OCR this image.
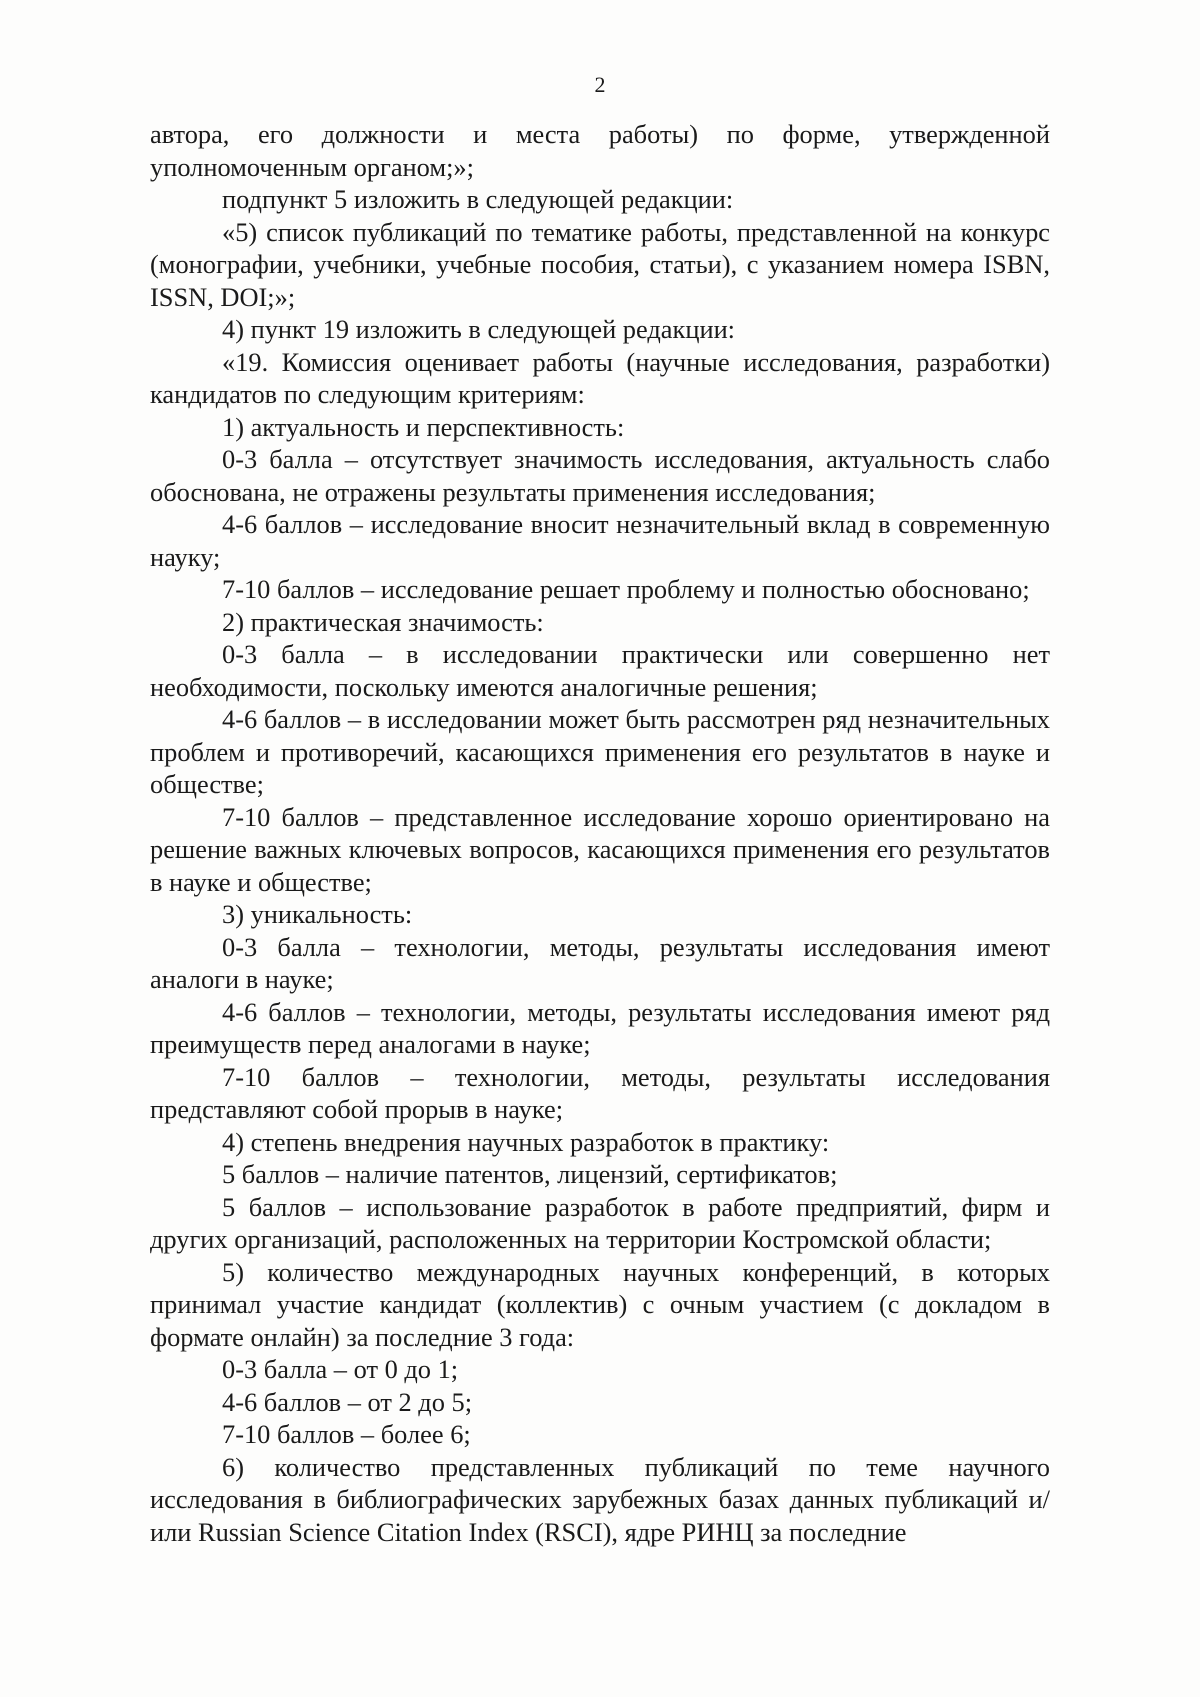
2

автора, его должности и места работы) по форме, утвержденной уполномоченным органом;»;

подпункт 5 изложить в следующей редакции:

«5) список публикаций по тематике работы, представленной на конкурс (монографии, учебники, учебные пособия, статьи), с указанием номера ISBN, ISSN, DOI;»;

4) пункт 19 изложить в следующей редакции:

«19. Комиссия оценивает работы (научные исследования, разработки) кандидатов по следующим критериям:

1) актуальность и перспективность:

0-3 балла – отсутствует значимость исследования, актуальность слабо обоснована, не отражены результаты применения исследования;

4-6 баллов – исследование вносит незначительный вклад в современную науку;

7-10 баллов – исследование решает проблему и полностью обосновано;

2) практическая значимость:

0-3 балла – в исследовании практически или совершенно нет необходимости, поскольку имеются аналогичные решения;

4-6 баллов – в исследовании может быть рассмотрен ряд незначительных проблем и противоречий, касающихся применения его результатов в науке и обществе;

7-10 баллов – представленное исследование хорошо ориентировано на решение важных ключевых вопросов, касающихся применения его результатов в науке и обществе;

3) уникальность:

0-3 балла – технологии, методы, результаты исследования имеют аналоги в науке;

4-6 баллов – технологии, методы, результаты исследования имеют ряд преимуществ перед аналогами в науке;

7-10 баллов – технологии, методы, результаты исследования представляют собой прорыв в науке;

4) степень внедрения научных разработок в практику:

5 баллов – наличие патентов, лицензий, сертификатов;

5 баллов – использование разработок в работе предприятий, фирм и других организаций, расположенных на территории Костромской области;

5) количество международных научных конференций, в которых принимал участие кандидат (коллектив) с очным участием (с докладом в формате онлайн) за последние 3 года:

0-3 балла – от 0 до 1;

4-6 баллов – от 2 до 5;

7-10 баллов – более 6;

6) количество представленных публикаций по теме научного исследования в библиографических зарубежных базах данных публикаций и/или Russian Science Citation Index (RSCI), ядре РИНЦ за последние
